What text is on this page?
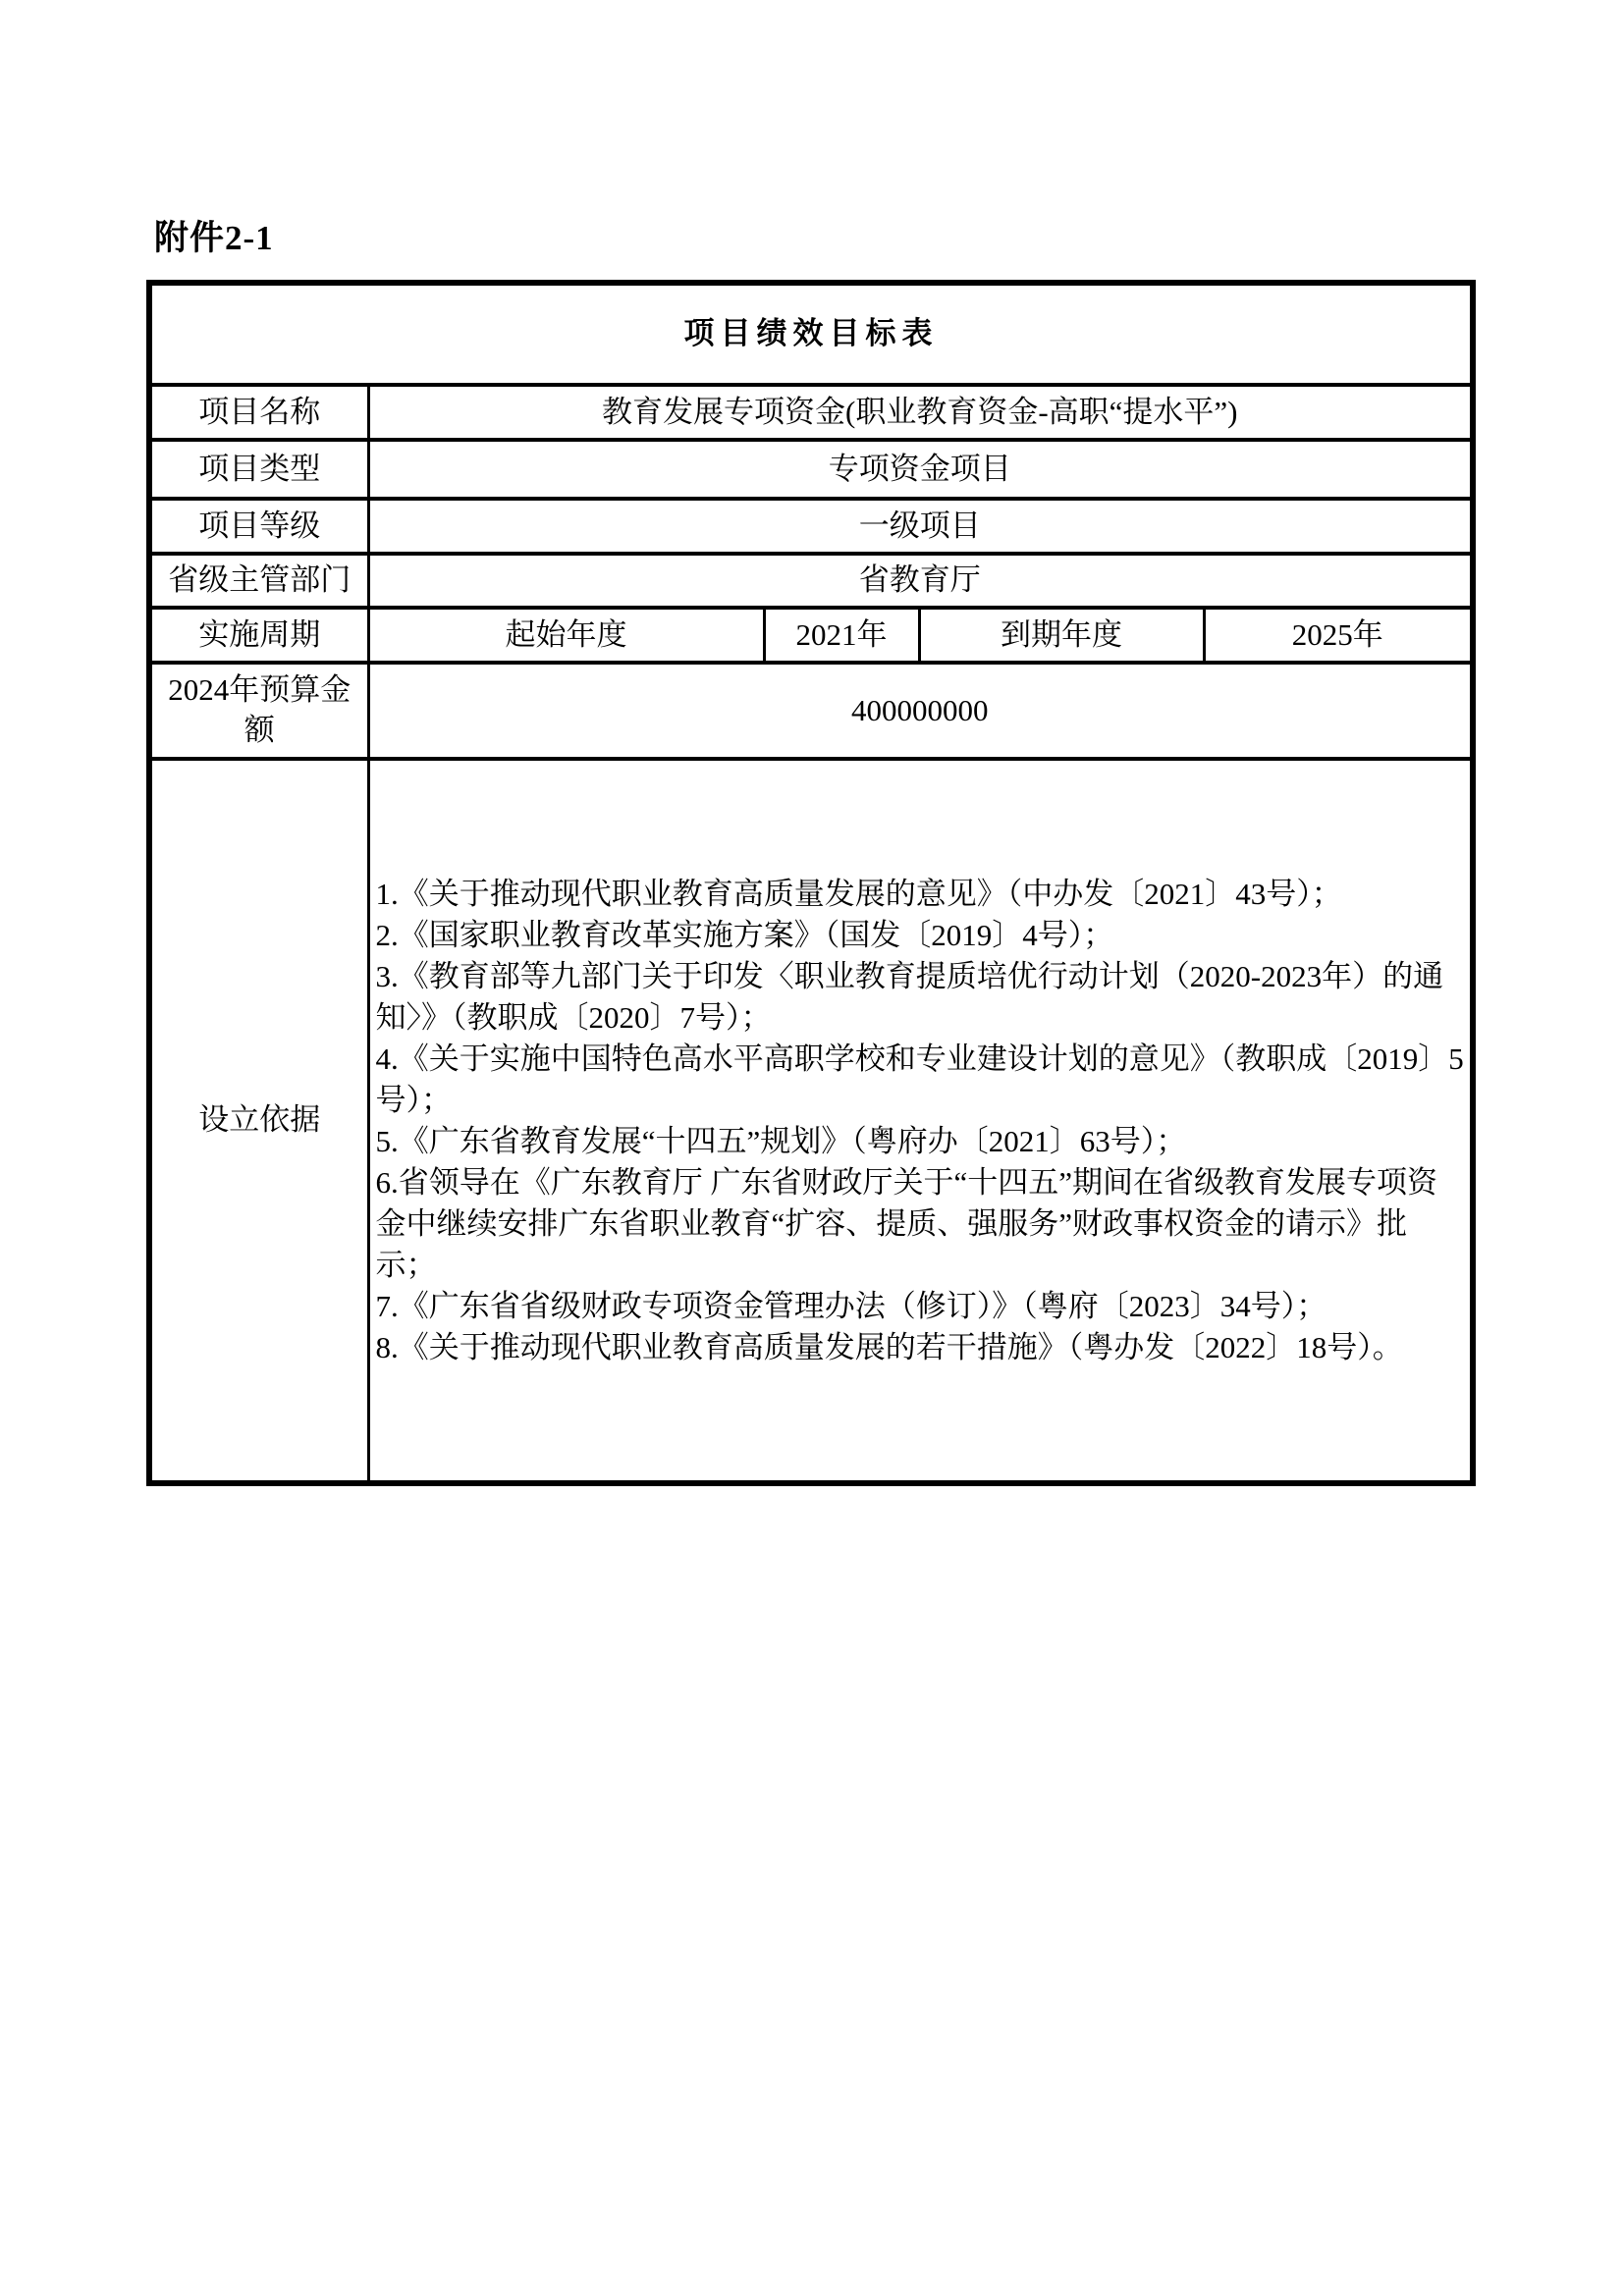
附件2-1
项目绩效目标表				
项目名称	教育发展专项资金(职业教育资金-高职“提水平”)			
项目类型	专项资金项目			
项目等级	一级项目			
省级主管部门	省教育厅			
实施周期	起始年度	2021年	到期年度	2025年
2024年预算金额	400000000			
设立依据	

1.《关于推动现代职业教育高质量发展的意见》（中办发〔2021〕43号）；

2.《国家职业教育改革实施方案》（国发〔2019〕4号）；

3.《教育部等九部门关于印发〈职业教育提质培优行动计划（2020-2023年）的通知〉》（教职成〔2020〕7号）；

4.《关于实施中国特色高水平高职学校和专业建设计划的意见》（教职成〔2019〕5号）；

5.《广东省教育发展“十四五”规划》（粤府办〔2021〕63号）；

6.省领导在《广东教育厅 广东省财政厅关于“十四五”期间在省级教育发展专项资金中继续安排广东省职业教育“扩容、提质、强服务”财政事权资金的请示》批示；

7.《广东省省级财政专项资金管理办法（修订）》（粤府〔2023〕34号）；

8.《关于推动现代职业教育高质量发展的若干措施》（粤办发〔2022〕18号）。
